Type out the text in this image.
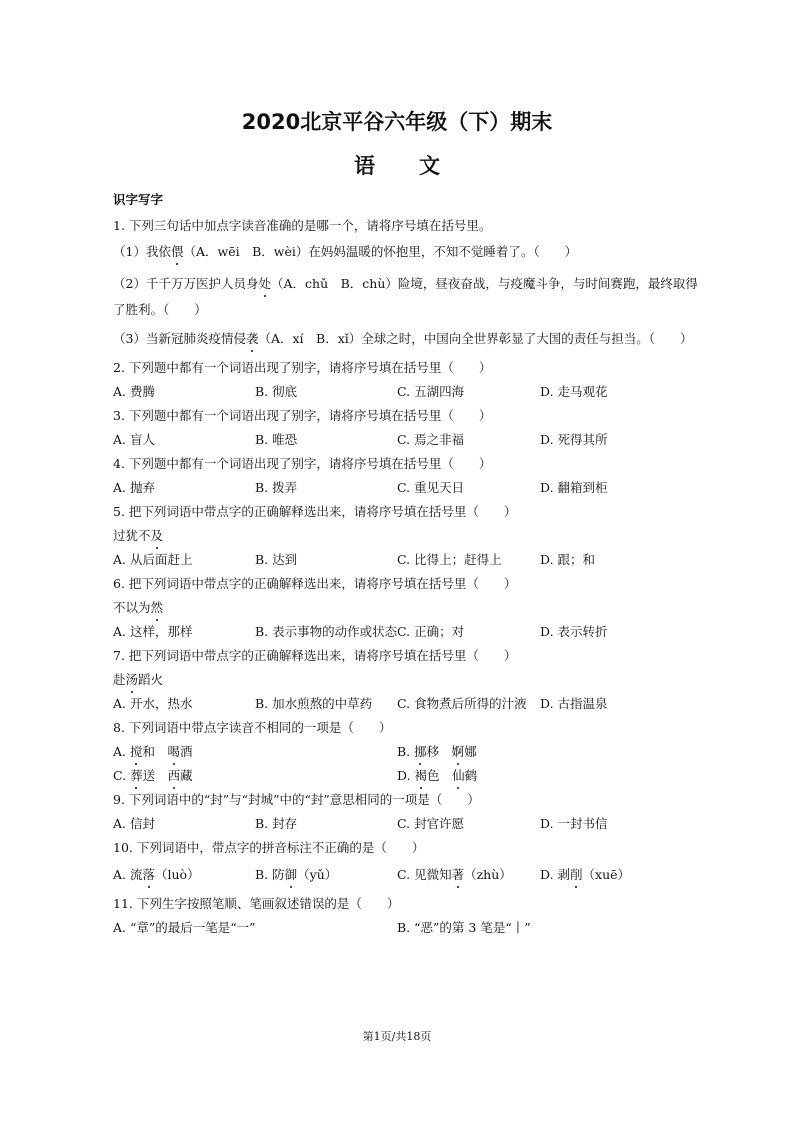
2020北京平谷六年级（下）期末
语文
识字写字
1. 下列三句话中加点字读音准确的是哪一个，请将序号填在括号里。
（1）我依偎（A．wēi　B．wèi）在妈妈温暖的怀抱里，不知不觉睡着了。（　　）
（2）千千万万医护人员身处（A．chǔ　B．chù）险境，昼夜奋战，与疫魔斗争，与时间赛跑，最终取得
了胜利。（　　）
（3）当新冠肺炎疫情侵袭（A．xí　B．xǐ）全球之时，中国向全世界彰显了大国的责任与担当。（　　）
2. 下列题中都有一个词语出现了别字，请将序号填在括号里（　　）
A. 费腾	B. 彻底	C. 五湖四海	D. 走马观花
3. 下列题中都有一个词语出现了别字，请将序号填在括号里（　　）
A. 盲人	B. 唯恐	C. 焉之非福	D. 死得其所
4. 下列题中都有一个词语出现了别字，请将序号填在括号里（　　）
A. 抛弃	B. 拨弄	C. 重见天日	D. 翻箱到柜
5. 把下列词语中带点字的正确解释选出来，请将序号填在括号里（　　）
过犹不及
A. 从后面赶上	B. 达到	C. 比得上；赶得上	D. 跟；和
6. 把下列词语中带点字的正确解释选出来，请将序号填在括号里（　　）
不以为然
A. 这样，那样	B. 表示事物的动作或状态 C. 正确；对	D. 表示转折
7. 把下列词语中带点字的正确解释选出来，请将序号填在括号里（　　）
赴汤蹈火
A. 开水，热水	B. 加水煎熬的中草药 C. 食物煮后所得的汁液 D. 古指温泉
8. 下列词语中带点字读音不相同的一项是（　　）
A. 搅和　喝酒	B. 挪移　婀娜
C. 葬送　西藏	D. 褐色　仙鹤
9. 下列词语中的“封”与“封城”中的“封”意思相同的一项是（　　）
A. 信封	B. 封存	C. 封官许愿	D. 一封书信
10. 下列词语中，带点字的拼音标注不正确的是（　　）
A. 流落（luò）	B. 防御（yǔ）	C. 见微知著（zhù） D. 剥削（xuē）
11. 下列生字按照笔顺、笔画叙述错误的是（　　）
A. “章”的最后一笔是“一”	B. “恶”的第 3 笔是“丨”
第1页/共18页
